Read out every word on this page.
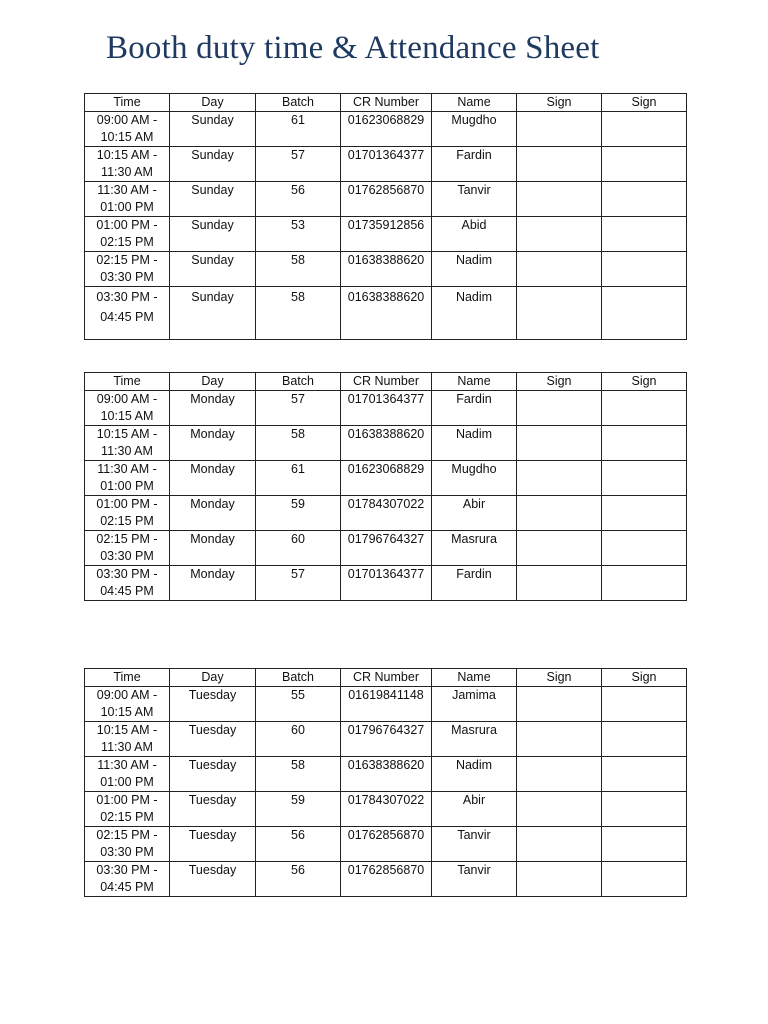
Booth duty time & Attendance Sheet
Time	Day	Batch	CR Number	Name	Sign	Sign
09:00 AM -
10:15 AM	Sunday	61	01623068829	Mugdho		
10:15 AM -
11:30 AM	Sunday	57	01701364377	Fardin		
11:30 AM -
01:00 PM	Sunday	56	01762856870	Tanvir		
01:00 PM -
02:15 PM	Sunday	53	01735912856	Abid		
02:15 PM -
03:30 PM	Sunday	58	01638388620	Nadim		
03:30 PM -
04:45 PM	Sunday	58	01638388620	Nadim		
Time	Day	Batch	CR Number	Name	Sign	Sign
09:00 AM -
10:15 AM	Monday	57	01701364377	Fardin		
10:15 AM -
11:30 AM	Monday	58	01638388620	Nadim		
11:30 AM -
01:00 PM	Monday	61	01623068829	Mugdho		
01:00 PM -
02:15 PM	Monday	59	01784307022	Abir		
02:15 PM -
03:30 PM	Monday	60	01796764327	Masrura		
03:30 PM -
04:45 PM	Monday	57	01701364377	Fardin		
Time	Day	Batch	CR Number	Name	Sign	Sign
09:00 AM -
10:15 AM	Tuesday	55	01619841148	Jamima		
10:15 AM -
11:30 AM	Tuesday	60	01796764327	Masrura		
11:30 AM -
01:00 PM	Tuesday	58	01638388620	Nadim		
01:00 PM -
02:15 PM	Tuesday	59	01784307022	Abir		
02:15 PM -
03:30 PM	Tuesday	56	01762856870	Tanvir		
03:30 PM -
04:45 PM	Tuesday	56	01762856870	Tanvir		
